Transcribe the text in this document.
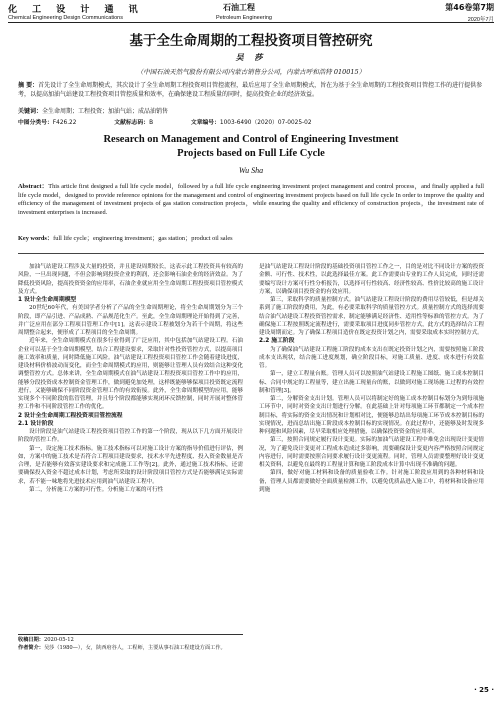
化 工 设 计 通 讯
Chemical Engineering Design Communications
石油工程
Petroleum Engineering
第46卷第7期
2020年7月
基于全生命周期的工程投资项目管控研究
吴 莎
（中国石油天然气股份有限公司内蒙古销售分公司，内蒙古呼和浩特 010015）
摘 要：首先设计了全生命周期模式，其次设计了全生命周期工程投资项目管控流程，最后应用了全生命周期模式，旨在为基于全生命周期的工程投资项目管控工作的进行提供参考，以提高加油气站建设工程投资项目管控质量和效率，在确保建设工程质量的同时，提高投资企业的经济效益。
关键词：全生命周期；工程投资；加油气站；成品油销售
中图分类号：F426.22	文献标志码：B	文章编号：1003-6490（2020）07-0025-02
Research on Management and Control of Engineering Investment
Projects based on Full Life Cycle
Wu Sha
Abstract：This article first designed a full life cycle model，followed by a full life cycle engineering investment project management and control process，and finally applied a full life cycle model，designed to provide reference opinions for the management and control of engineering investment projects based on full life cycle In order to improve the quality and efficiency of the management of investment projects of gas station construction projects，while ensuring the quality and efficiency of construction projects，the investment rate of investment enterprises is increased.
Key words：full life cycle；engineering investment；gas station；product oil sales

加油气站建设工程涉及大量的投资，并且建设周期较长，这表示此工程投资具有较高的风险，一旦出现问题，不但会影响到投资企业的利润，还会影响石油企业的经济效益。为了降低投资风险，提高投资资金的应用率，石油企业就应用全生命周期工程投资项目管控模式及方式。

1 设计全生命周期模型

20世纪60年代，有美国学者分析了产品的全生命周期理论，将全生命周期划分为三个阶段，即产品引进、产品成熟、产品规范化生产。至此，全生命周期理论开始得到了完善，并广泛应用在部分工程项目管理工作中[1]。这表示建设工程被划分为若干个周期，将这些周期整合起来，便形成了工程项目的全生命周期。

近年来，全生命周期模式在很多行业得到了广泛应用，其中包括加气站建设工程。石油企业可以基于全生命周期模型，结合工程建设要求，采取针对性投资管控方式，以提高项目施工效率和质量，同时降低施工风险。油气站建设工程投资项目管控工作会随着建设进度，建设材料价格波动而变化，而全生命周期模式的应用，则能够让管理人员有效结合这种变化调整管控方式。总体来讲，全生命周期模式在油气站建设工程投资项目管控工作中的应用，能够分段投资成本控制资金管理工作，做到避免加处理，这样既能够够保项目投资既定流程进行，又能够确保不同阶段资金管理工作的有效衔接。此外，全生命周期模型的应用，能够实现多个不同阶段的监管管理，并且每个阶段都能够实现闭环反馈控制，同时开展对整体管控工作和不同阶段管控工作的优化。

2 设计全生命周期工程投资项目管控流程
2.1 设计阶段

设计阶段是油气站建设工程投资项目管控工作的第一个阶段，现从以下几方面开展设计阶段的管控工作。

第一，设定施工技术指标。施工技术指标可以对施工设计方案的指导价值进行评估，例如，方案中的施工技术是否符合工程项目建设要求，技术水平先进程度、投入资金数量是否合理，是否能够有效落实建设要求和完成施工工作等[2]。此外，通过施工技术指标，还需要确保投入资金不超过成本计划，考虑所采取的设计阶段项目管控方式是否能够满足实际需求，若不能一味地将先进技术应用到油气站建设工程中。

第二，分析施工方案的可行性。分析施工方案的可行性

是油气站建设工程设计阶段的基础投资项目管控工作之一，目的是对比不同设计方案的投资金额、可行性、技术性，以此选择最佳方案。此工作需要由专业的工作人员完成，同时还需要编写设计方案可行性分析报告，以选择可行性较高、经济性较高、性价比较高的施工设计方案，以确保项目投资金的有效应用。

第三，采取科学的质量控制方式。油气站建设工程设计阶段的费用尽管较低，但是却关系到了施工阶段的费用，为此，有必要采取科学的质量管控方式。质量控制方式的选择需要结合油气站建设工程投资管控需求，制定能够满足经济性、适用性等标准的管控方式。为了确保施工工程按照既定流程进行，需要采取项目进度同步管控方式，此方式的选择结合工程建设周期而定。为了确保工程项目造价在既定投资计划之内，需要采取成本实时控制方式。

2.2 施工阶段

为了确保油气站建设工程施工阶段的成本支出在既定投资计划之内，需要按照施工阶段成本支出现状，结合施工进度规划，确立阶段目标，对施工质量、进度、成本进行有效监管。

第一，建立工程量台账。管理人员可以按照油气站建设工程施工图纸、施工成本控制目标、合同中规定的工程量等，建立出施工现量台的账，以做到对施工现场施工过程的有效控制和管理[3]。

第二，分解资金支出计划。管理人员可以将制定好的施工成本控制目标划分为到每项施工环节中，同时对资金支出计划进行分解。在此基础上针对每项施工环节都制定一个成本控制目标，将实际的资金支出情况和计划相对比，便能够总结出每项施工环节成本控制目标的实现情况，进而总结出施工阶段成本控制目标的实现情况。在此过程中，还能够及时发现多种问题和风险因素，尽早采取相应处理措施，以确保投资资金的应用率。

第三，按照合同规定履行设计变更。实际的加油气站建设工程中难免会出现设计变更情况，为了避免设计变更对工程成本造成过多影响，需要确保设计变更内容严格按照合同规定内容进行，同时需要按照合同要求履行设计变更流程。同时，管理人员需要整理好设计变更相关资料，以避免在最终的工程量计算和施工阶段成本计算中出现不准确的问题。

第四，做好对施工材料和设备的质量验收工作。针对施工阶段应用到的各种材料和设备，管理人员都需要做好全面质量检测工作，以避免优质品进入施工中，将材料和设备应用到施

收稿日期：2020-05-12
作者简介：吴莎（1980—），女，陕西府谷人，工程师，主要从事石油工程建设方面工作。
· 25 ·
